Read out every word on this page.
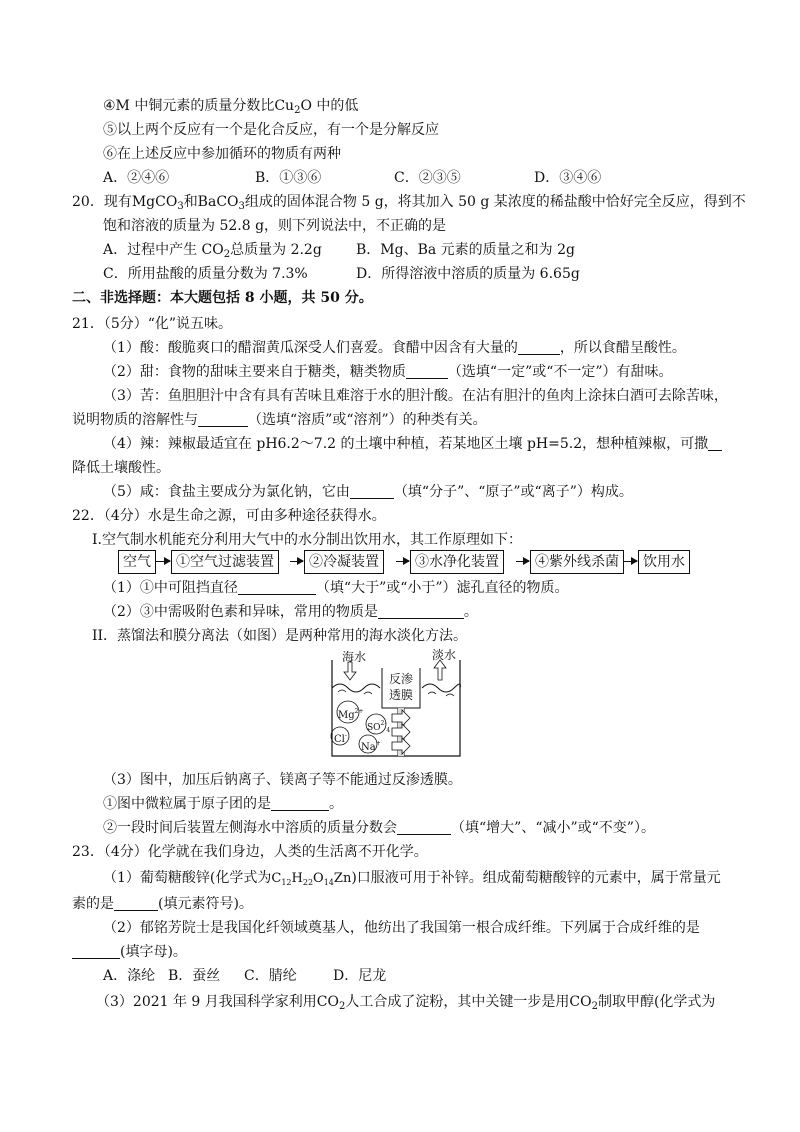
④M 中铜元素的质量分数比$Cu_2O$ 中的低
⑤以上两个反应有一个是化合反应，有一个是分解反应
⑥在上述反应中参加循环的物质有两种
A．②④⑥	B．①③⑥	C．②③⑤	D．③④⑥
20．现有MgCO$_3$和BaCO$_3$组成的固体混合物 5 g，将其加入 50 g 某浓度的稀盐酸中恰好完全反应，得到不
饱和溶液的质量为 52.8 g，则下列说法中，不正确的是
A．过程中产生 $CO_2$总质量为 2.2g B．Mg、Ba 元素的质量之和为 2g
C．所用盐酸的质量分数为 7.3%	D．所得溶液中溶质的质量为 6.65g
二、非选择题：本大题包括 8 小题，共 50 分。
21．（5分）“化”说五味。
（1）酸：酸脆爽口的醋溜黄瓜深受人们喜爱。食醋中因含有大量的	，所以食醋呈酸性。
（2）甜：食物的甜味主要来自于糖类，糖类物质	（选填“一定”或“不一定”）有甜味。
（3）苦：鱼胆胆汁中含有具有苦味且难溶于水的胆汁酸。在沾有胆汁的鱼肉上涂抹白酒可去除苦味，
说明物质的溶解性与	（选填“溶质”或“溶剂”）的种类有关。
（4）辣：辣椒最适宜在 pH6.2～7.2 的土壤中种植，若某地区土壤 pH=5.2，想种植辣椒，可撒
降低土壤酸性。
（5）咸：食盐主要成分为氯化钠，它由	（填“分子”、“原子”或“离子”）构成。
22．（4分）水是生命之源，可由多种途径获得水。
I.空气制水机能充分利用大气中的水分制出饮用水，其工作原理如下：
空气	①空气过滤装置	②冷凝装置	③水净化装置	④紫外线杀菌	饮用水
（1）①中可阻挡直径	（填“大于”或“小于”）滤孔直径的物质。
（2）③中需吸附色素和异味，常用的物质是	。
II．蒸馏法和膜分离法（如图）是两种常用的海水淡化方法。
海水	淡水
反渗
透膜
$Mg^{2+}$
$SO^{2-}_4$
Cl-
Na+
（3）图中，加压后钠离子、镁离子等不能通过反渗透膜。
①图中微粒属于原子团的是	。
②一段时间后装置左侧海水中溶质的质量分数会	（填“增大”、“减小”或“不变”）。
23．（4分）化学就在我们身边，人类的生活离不开化学。
（1）葡萄糖酸锌(化学式为$C_{12}H_{22}O_{14}Zn$)口服液可用于补锌。组成葡萄糖酸锌的元素中，属于常量元
素的是	(填元素符号)。
（2）郁铭芳院士是我国化纤领域奠基人，他纺出了我国第一根合成纤维。下列属于合成纤维的是
(填字母)。
A．涤纶 B．蚕丝 C．腈纶	D．尼龙
（3）2021 年 9 月我国科学家利用$CO_2$人工合成了淀粉，其中关键一步是用$CO_2$制取甲醇(化学式为
